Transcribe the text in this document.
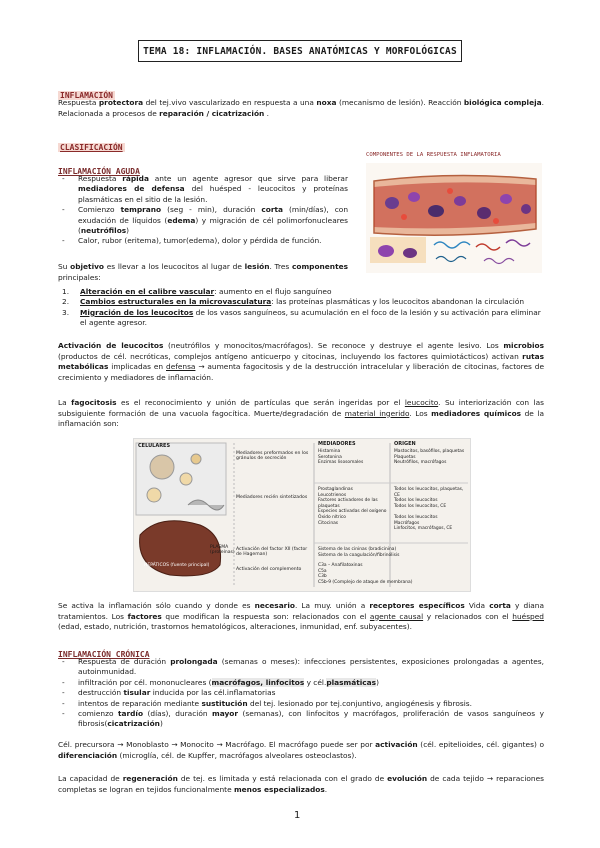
TEMA 18: INFLAMACIÓN. BASES ANATÓMICAS Y MORFOLÓGICAS
INFLAMACIÓN
Respuesta protectora del tej.vivo vascularizado en respuesta a una noxa (mecanismo de lesión). Reacción biológica compleja. Relacionada a procesos de reparación / cicatrización .
CLASIFICACIÓN
INFLAMACIÓN AGUDA
COMPONENTES DE LA RESPUESTA INFLAMATORIA
- Respuesta rápida ante un agente agresor que sirve para liberar mediadores de defensa del huésped - leucocitos y proteínas plasmáticas en el sitio de la lesión.
- Comienzo temprano (seg - min), duración corta (min/días), con exudación de líquidos (edema) y migración de cél polimorfonucleares (neutrófilos)
- Calor, rubor (eritema), tumor(edema), dolor y pérdida de función.
Su objetivo es llevar a los leucocitos al lugar de lesión. Tres componentes principales:
1. Alteración en el calibre vascular: aumento en el flujo sanguíneo
2. Cambios estructurales en la microvasculatura: las proteínas plasmáticas y los leucocitos abandonan la circulación
3. Migración de los leucocitos de los vasos sanguíneos, su acumulación en el foco de la lesión y su activación para eliminar el agente agresor.
Activación de leucocitos (neutrófilos y monocitos/macrófagos). Se reconoce y destruye el agente lesivo. Los microbios (productos de cél. necróticas, complejos antígeno anticuerpo y citocinas, incluyendo los factores quimiotácticos) activan rutas metabólicas implicadas en defensa → aumenta fagocitosis y de la destrucción intracelular y liberación de citocinas, factores de crecimiento y mediadores de inflamación.
La fagocitosis es el reconocimiento y unión de partículas que serán ingeridas por el leucocito. Su interiorización con las subsiguiente formación de una vacuola fagocítica. Muerte/degradación de material ingerido. Los mediadores químicos de la inflamación son:
CELULARES
HEPÁTICOS (fuente principal)
PLASMA (proteínas)
Mediadores preformados en los gránulos de secreción
Mediadores recién sintetizados
Activación del factor XII (factor de Hageman)
Activación del complemento
MEDIADORES	ORIGEN
Histamina
Serotonina
Enzimas lisosomales
Mastocitos, basófilos, plaquetas
Plaquetas
Neutrófilos, macrófagos
Prostaglandinas
Leucotrienos
Factores activadores de las plaquetas
Especies activadas del oxígeno
Óxido nítrico
Citocinas
Todos los leucocitos, plaquetas, CE
Todos los leucocitos
Todos los leucocitos, CE

Todos los leucocitos
Macrófagos
Linfocitos, macrófagos, CE
Sistema de las cininas (bradicinina)
Sistema de la coagulación/fibrinólisis
C3a – Anafilatoxinas
C5a
C3b
C5b-9 (Complejo de ataque de membrana)
Se activa la inflamación sólo cuando y donde es necesario. La muy. unión a receptores específicos Vida corta y diana tratamientos. Los factores que modifican la respuesta son: relacionados con el agente causal y relacionados con el huésped (edad, estado, nutrición, trastornos hematológicos, alteraciones, inmunidad, enf. subyacentes).
INFLAMACIÓN CRÓNICA
- Respuesta de duración prolongada (semanas o meses): infecciones persistentes, exposiciones prolongadas a agentes, autoinmunidad.
- infiltración por cél. mononucleares (macrófagos, linfocitos y cél.plasmáticas)
- destrucción tisular inducida por las cél.inflamatorias
- intentos de reparación mediante sustitución del tej. lesionado por tej.conjuntivo, angiogénesis y fibrosis.
- comienzo tardío (días), duración mayor (semanas), con linfocitos y macrófagos, proliferación de vasos sanguíneos y fibrosis(cicatrización)
Cél. precursora → Monoblasto → Monocito → Macrófago. El macrófago puede ser por activación (cél. epitelioides, cél. gigantes) o diferenciación (microglía, cél. de Kupffer, macrófagos alveolares osteoclastos).
La capacidad de regeneración de tej. es limitada y está relacionada con el grado de evolución de cada tejido → reparaciones completas se logran en tejidos funcionalmente menos especializados.
1
